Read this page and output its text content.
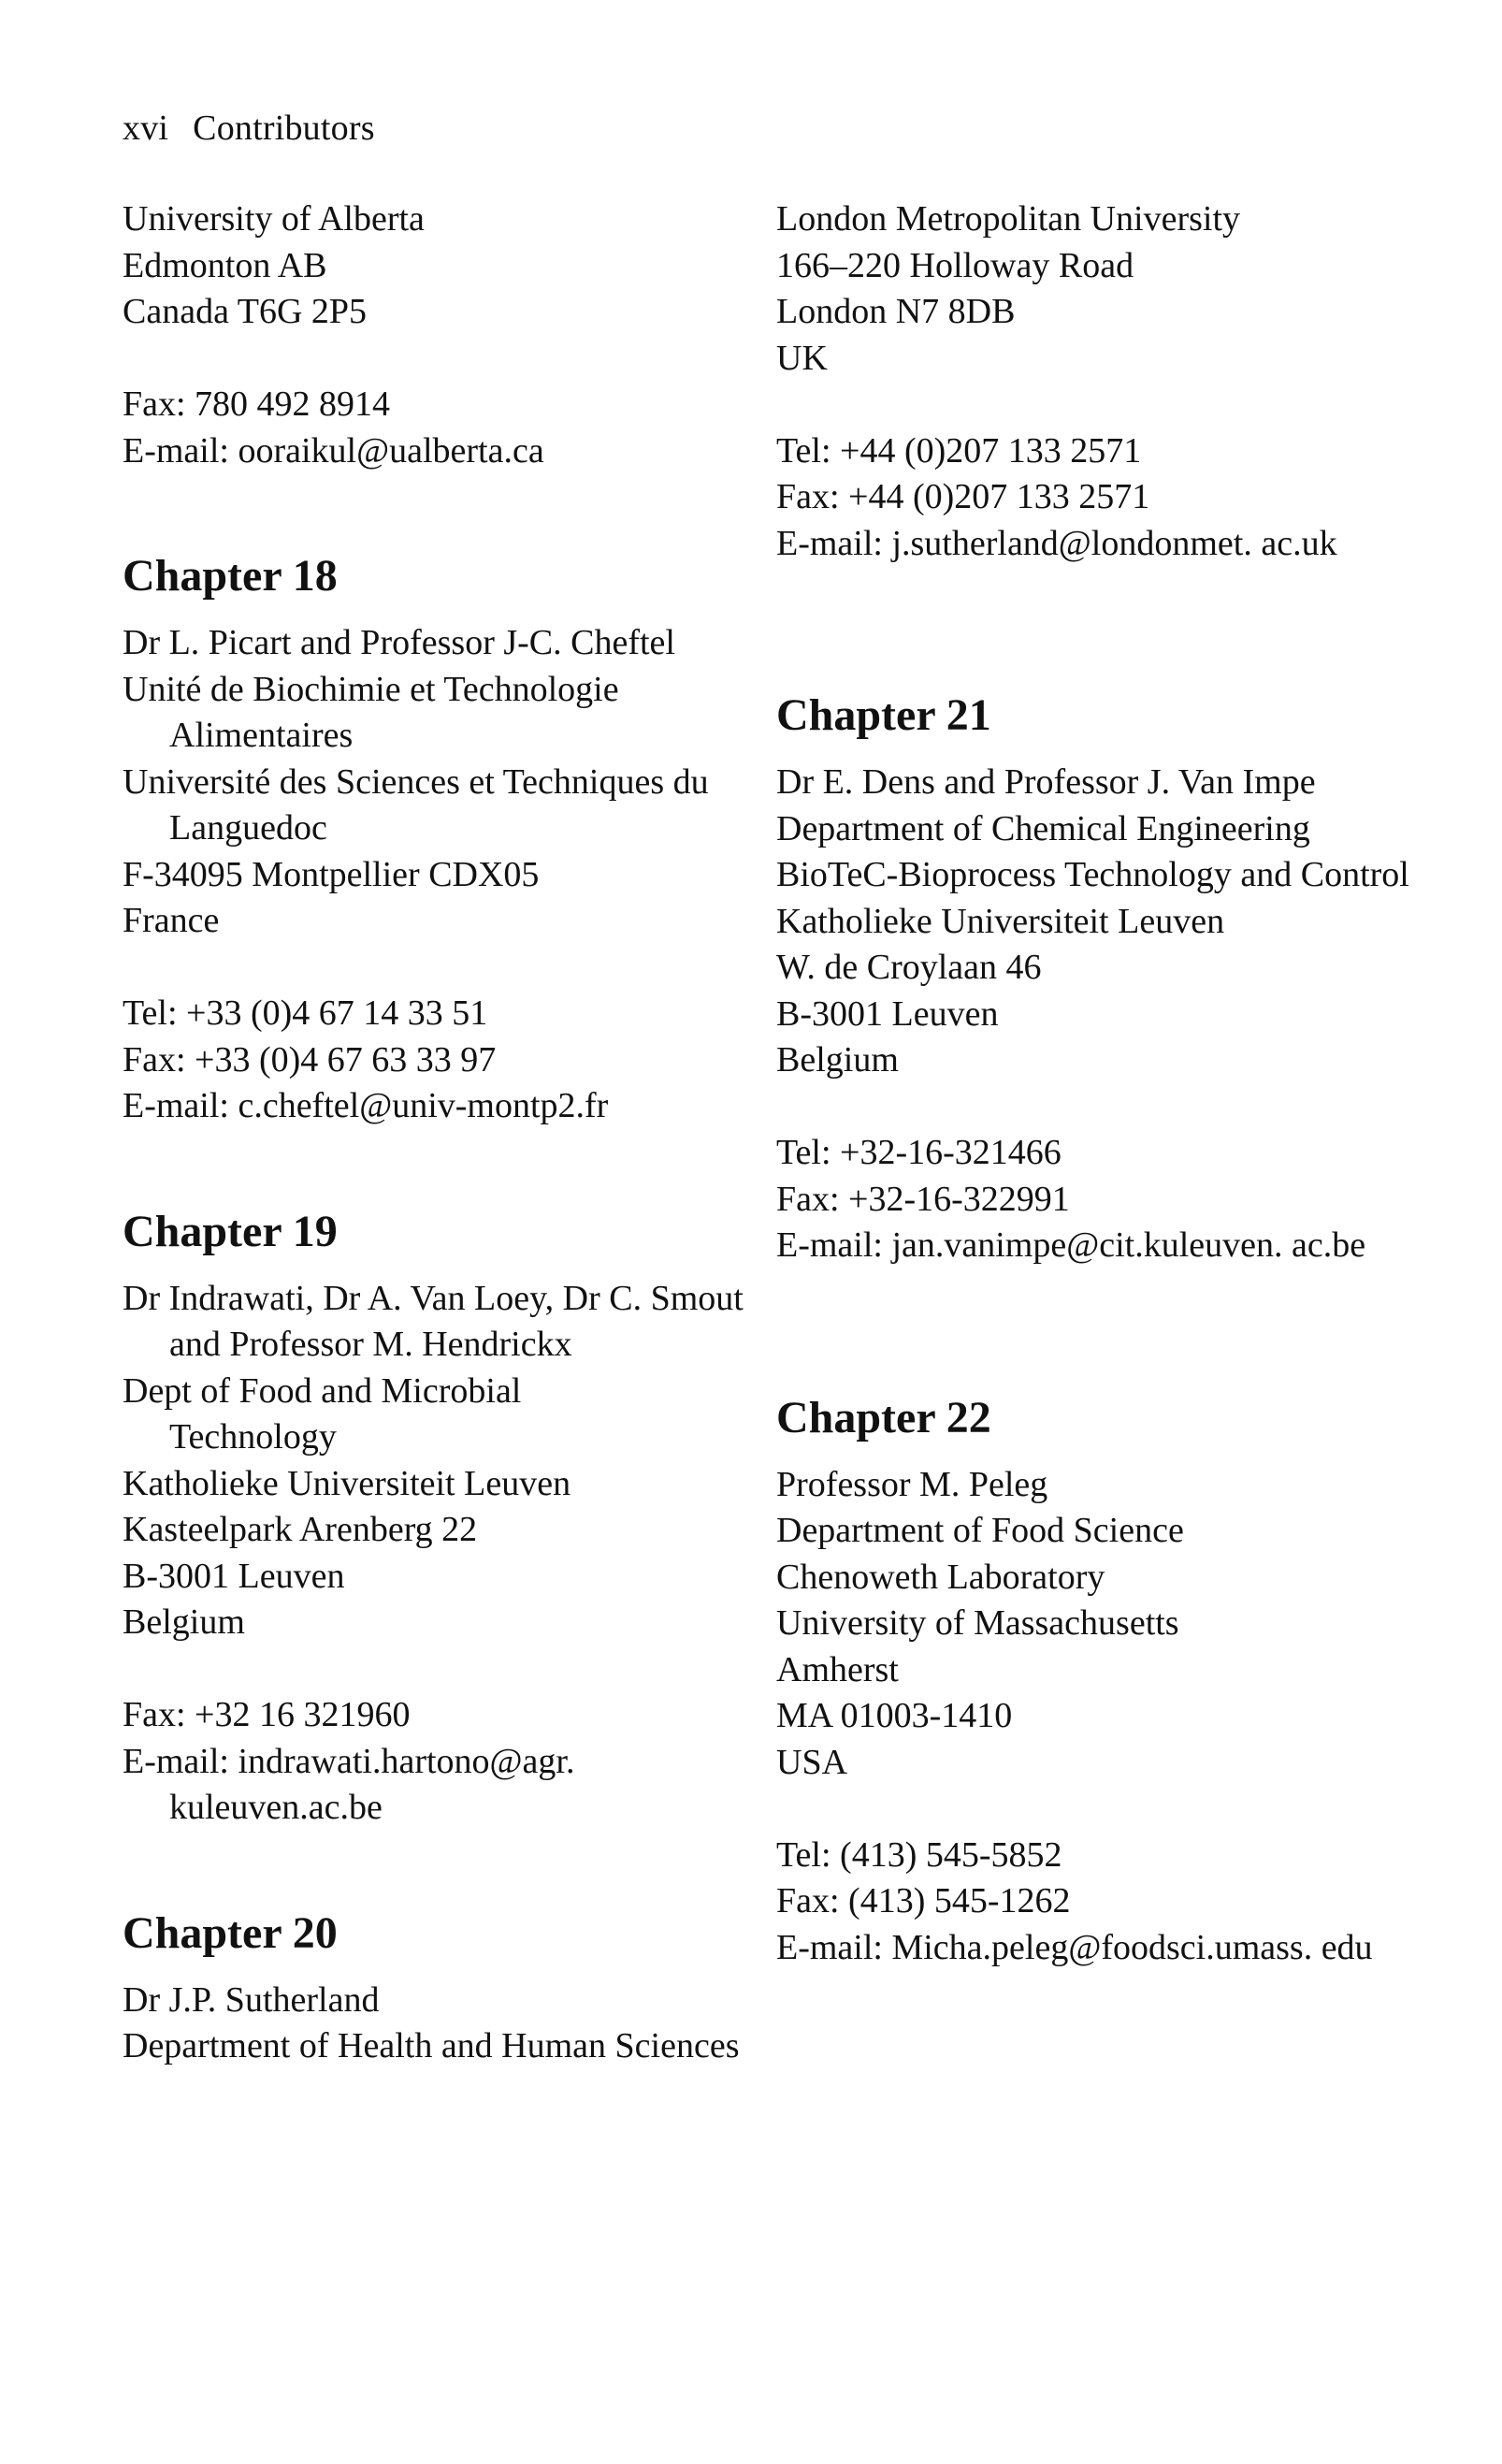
xvi Contributors

University of Alberta

Edmonton AB

Canada T6G 2P5

Fax: 780 492 8914

E-mail: ooraikul@ualberta.ca

Chapter 18

Dr L. Picart and Professor J-C. Cheftel

Unité de Biochimie et Technologie Alimentaires

Université des Sciences et Techniques du Languedoc

F-34095 Montpellier CDX05

France

Tel: +33 (0)4 67 14 33 51

Fax: +33 (0)4 67 63 33 97

E-mail: c.cheftel@univ-montp2.fr

Chapter 19

Dr Indrawati, Dr A. Van Loey, Dr C. Smout and Professor M. Hendrickx

Dept of Food and Microbial Technology

Katholieke Universiteit Leuven

Kasteelpark Arenberg 22

B-3001 Leuven

Belgium

Fax: +32 16 321960

E-mail: indrawati.hartono@agr. kuleuven.ac.be

Chapter 20

Dr J.P. Sutherland

Department of Health and Human Sciences

London Metropolitan University

166–220 Holloway Road

London N7 8DB

UK

Tel: +44 (0)207 133 2571

Fax: +44 (0)207 133 2571

E-mail: j.sutherland@londonmet. ac.uk

Chapter 21

Dr E. Dens and Professor J. Van Impe

Department of Chemical Engineering

BioTeC-Bioprocess Technology and Control

Katholieke Universiteit Leuven

W. de Croylaan 46

B-3001 Leuven

Belgium

Tel: +32-16-321466

Fax: +32-16-322991

E-mail: jan.vanimpe@cit.kuleuven. ac.be

Chapter 22

Professor M. Peleg

Department of Food Science

Chenoweth Laboratory

University of Massachusetts

Amherst

MA 01003-1410

USA

Tel: (413) 545-5852

Fax: (413) 545-1262

E-mail: Micha.peleg@foodsci.umass. edu
